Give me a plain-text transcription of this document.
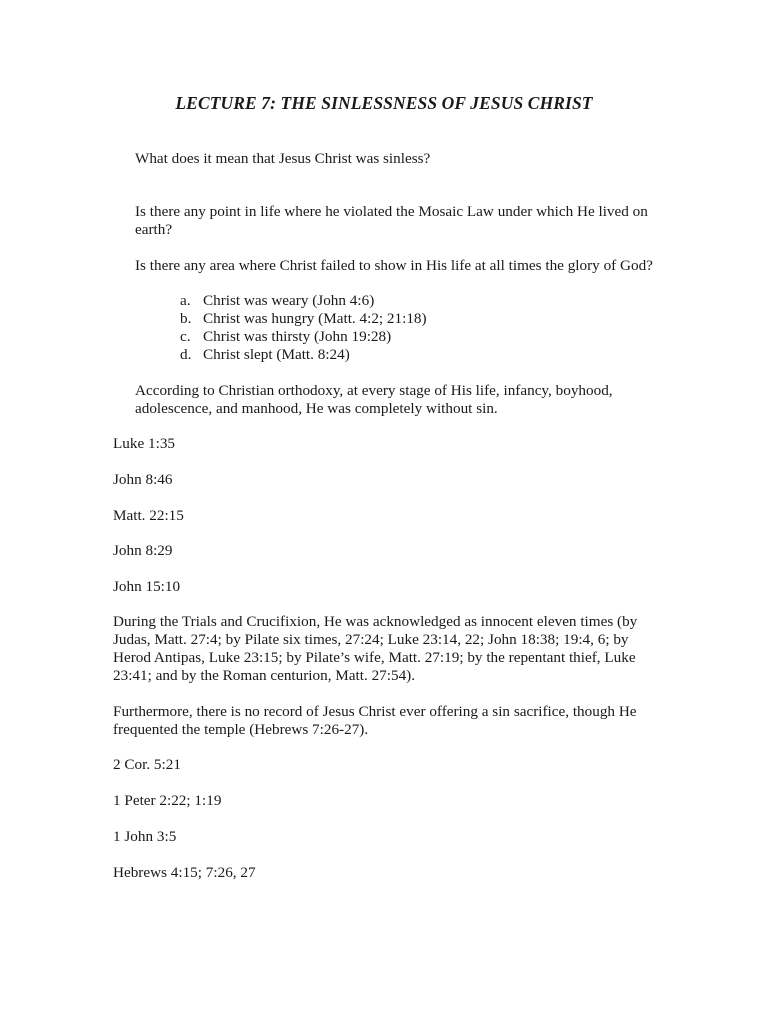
LECTURE 7: THE SINLESSNESS OF JESUS CHRIST
What does it mean that Jesus Christ was sinless?
Is there any point in life where he violated the Mosaic Law under which He lived on
earth?
Is there any area where Christ failed to show in His life at all times the glory of God?
a. Christ was weary (John 4:6)
b. Christ was hungry (Matt. 4:2; 21:18)
c. Christ was thirsty (John 19:28)
d. Christ slept (Matt. 8:24)
According to Christian orthodoxy, at every stage of His life, infancy, boyhood,
adolescence, and manhood, He was completely without sin.
Luke 1:35
John 8:46
Matt. 22:15
John 8:29
John 15:10
During the Trials and Crucifixion, He was acknowledged as innocent eleven times (by
Judas, Matt. 27:4; by Pilate six times, 27:24; Luke 23:14, 22; John 18:38; 19:4, 6; by
Herod Antipas, Luke 23:15; by Pilate’s wife, Matt. 27:19; by the repentant thief, Luke
23:41; and by the Roman centurion, Matt. 27:54).
Furthermore, there is no record of Jesus Christ ever offering a sin sacrifice, though He
frequented the temple (Hebrews 7:26-27).
2 Cor. 5:21
1 Peter 2:22; 1:19
1 John 3:5
Hebrews 4:15; 7:26, 27
